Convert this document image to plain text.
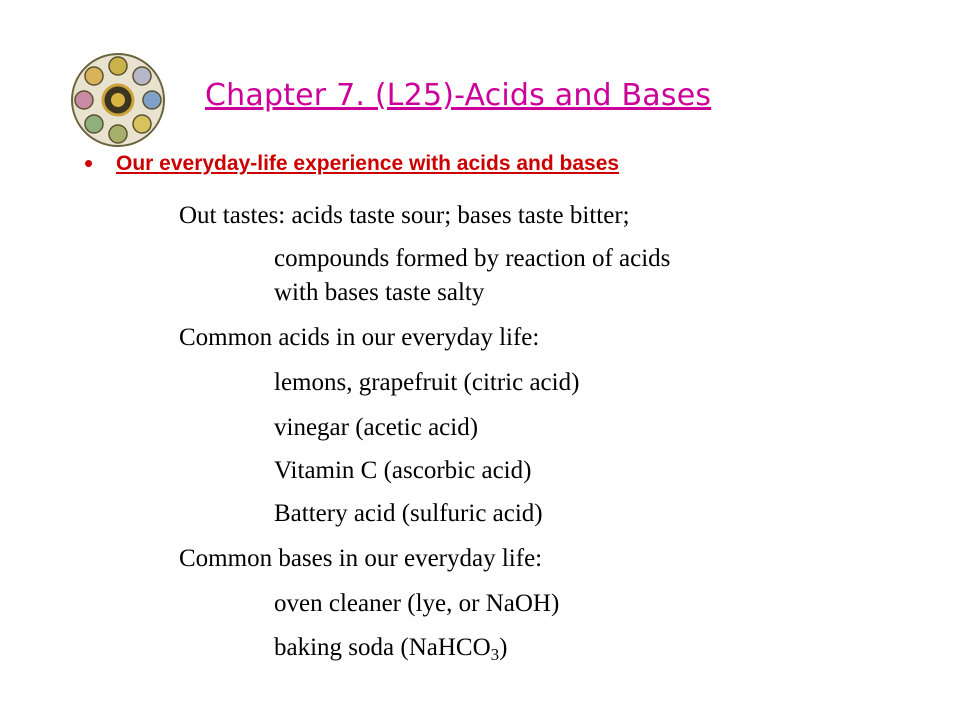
Chapter 7. (L25)-Acids and Bases
• Our everyday-life experience with acids and bases
Out tastes: acids taste sour; bases taste bitter;
compounds formed by reaction of acids
with bases taste salty
Common acids in our everyday life:
lemons, grapefruit (citric acid)
vinegar (acetic acid)
Vitamin C (ascorbic acid)
Battery acid (sulfuric acid)
Common bases in our everyday life:
oven cleaner (lye, or NaOH)
baking soda (NaHCO$_3$)
